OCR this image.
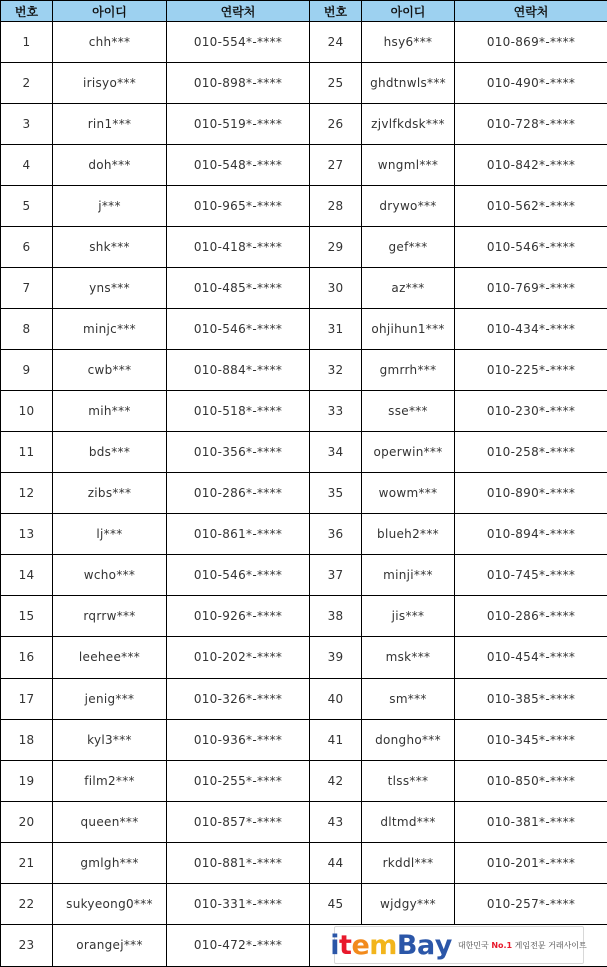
번호	아이디	연락처	번호	아이디	연락처
1	chh***	010-554*-****	24	hsy6***	010-869*-****
2	irisyo***	010-898*-****	25	ghdtnwls***	010-490*-****
3	rin1***	010-519*-****	26	zjvlfkdsk***	010-728*-****
4	doh***	010-548*-****	27	wngml***	010-842*-****
5	j***	010-965*-****	28	drywo***	010-562*-****
6	shk***	010-418*-****	29	gef***	010-546*-****
7	yns***	010-485*-****	30	az***	010-769*-****
8	minjc***	010-546*-****	31	ohjihun1***	010-434*-****
9	cwb***	010-884*-****	32	gmrrh***	010-225*-****
10	mih***	010-518*-****	33	sse***	010-230*-****
11	bds***	010-356*-****	34	operwin***	010-258*-****
12	zibs***	010-286*-****	35	wowm***	010-890*-****
13	lj***	010-861*-****	36	blueh2***	010-894*-****
14	wcho***	010-546*-****	37	minji***	010-745*-****
15	rqrrw***	010-926*-****	38	jis***	010-286*-****
16	leehee***	010-202*-****	39	msk***	010-454*-****
17	jenig***	010-326*-****	40	sm***	010-385*-****
18	kyl3***	010-936*-****	41	dongho***	010-345*-****
19	film2***	010-255*-****	42	tlss***	010-850*-****
20	queen***	010-857*-****	43	dltmd***	010-381*-****
21	gmlgh***	010-881*-****	44	rkddl***	010-201*-****
22	sukyeong0***	010-331*-****	45	wjdgy***	010-257*-****
23	orangej***	010-472*-****	itemBay 대한민국 No.1 게임전문 거래사이트		
